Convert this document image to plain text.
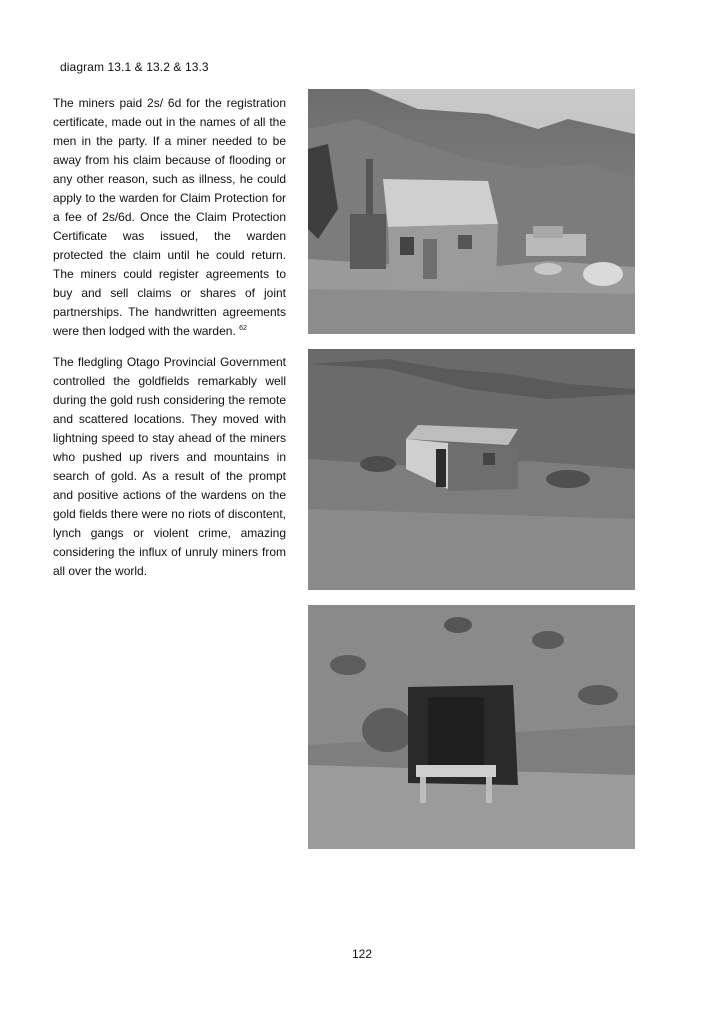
diagram 13.1 & 13.2 & 13.3

The miners paid 2s/ 6d for the registration certificate, made out in the names of all the men in the party. If a miner needed to be away from his claim because of flooding or any other reason, such as illness, he could apply to the warden for Claim Protection for a fee of 2s/6d. Once the Claim Protection Certificate was issued, the warden protected the claim until he could return. The miners could register agreements to buy and sell claims or shares of joint partnerships. The handwritten agreements were then lodged with the warden. $^{62}$

The fledgling Otago Provincial Government controlled the goldfields remarkably well during the gold rush considering the remote and scattered locations. They moved with lightning speed to stay ahead of the miners who pushed up rivers and mountains in search of gold. As a result of the prompt and positive actions of the wardens on the gold fields there were no riots of discontent, lynch gangs or violent crime, amazing considering the influx of unruly miners from all over the world.

122
